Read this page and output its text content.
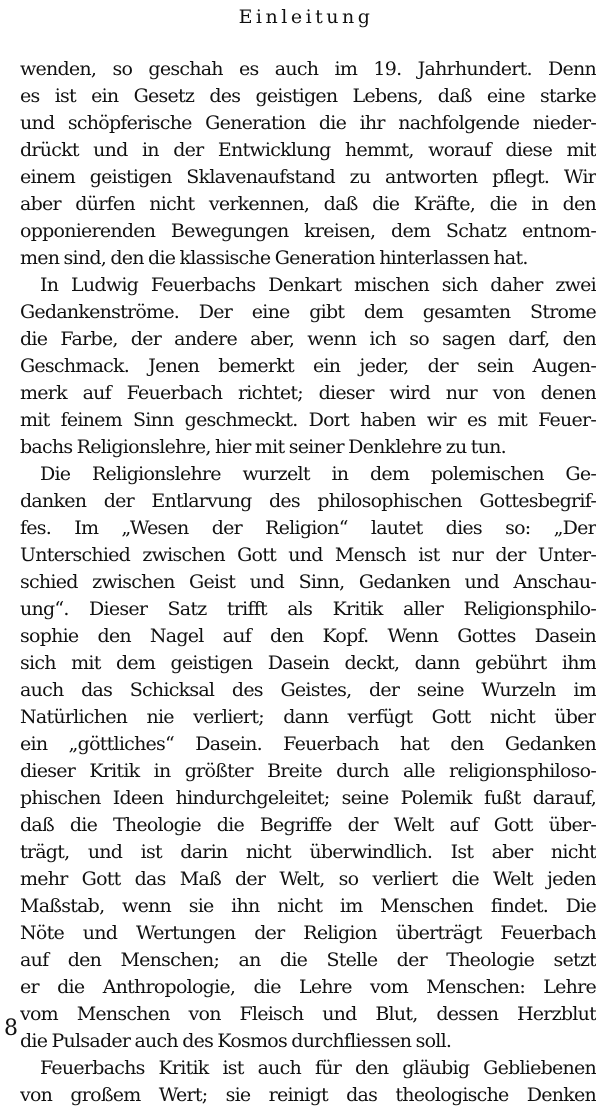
Einleitung
wenden, so geschah es auch im 19. Jahrhundert. Denn
es ist ein Gesetz des geistigen Lebens, daß eine starke
und schöpferische Generation die ihr nachfolgende nieder-
drückt und in der Entwicklung hemmt, worauf diese mit
einem geistigen Sklavenaufstand zu antworten pflegt. Wir
aber dürfen nicht verkennen, daß die Kräfte, die in den
opponierenden Bewegungen kreisen, dem Schatz entnom-
men sind, den die klassische Generation hinterlassen hat.
In Ludwig Feuerbachs Denkart mischen sich daher zwei
Gedankenströme. Der eine gibt dem gesamten Strome
die Farbe, der andere aber, wenn ich so sagen darf, den
Geschmack. Jenen bemerkt ein jeder, der sein Augen-
merk auf Feuerbach richtet; dieser wird nur von denen
mit feinem Sinn geschmeckt. Dort haben wir es mit Feuer-
bachs Religionslehre, hier mit seiner Denklehre zu tun.
Die Religionslehre wurzelt in dem polemischen Ge-
danken der Entlarvung des philosophischen Gottesbegrif-
fes. Im „Wesen der Religion“ lautet dies so: „Der
Unterschied zwischen Gott und Mensch ist nur der Unter-
schied zwischen Geist und Sinn, Gedanken und Anschau-
ung“. Dieser Satz trifft als Kritik aller Religionsphilo-
sophie den Nagel auf den Kopf. Wenn Gottes Dasein
sich mit dem geistigen Dasein deckt, dann gebührt ihm
auch das Schicksal des Geistes, der seine Wurzeln im
Natürlichen nie verliert; dann verfügt Gott nicht über
ein „göttliches“ Dasein. Feuerbach hat den Gedanken
dieser Kritik in größter Breite durch alle religionsphiloso-
phischen Ideen hindurchgeleitet; seine Polemik fußt darauf,
daß die Theologie die Begriffe der Welt auf Gott über-
trägt, und ist darin nicht überwindlich. Ist aber nicht
mehr Gott das Maß der Welt, so verliert die Welt jeden
Maßstab, wenn sie ihn nicht im Menschen findet. Die
Nöte und Wertungen der Religion überträgt Feuerbach
auf den Menschen; an die Stelle der Theologie setzt
er die Anthropologie, die Lehre vom Menschen: Lehre
vom Menschen von Fleisch und Blut, dessen Herzblut
die Pulsader auch des Kosmos durchfliessen soll.
Feuerbachs Kritik ist auch für den gläubig Gebliebenen
von großem Wert; sie reinigt das theologische Denken
8
